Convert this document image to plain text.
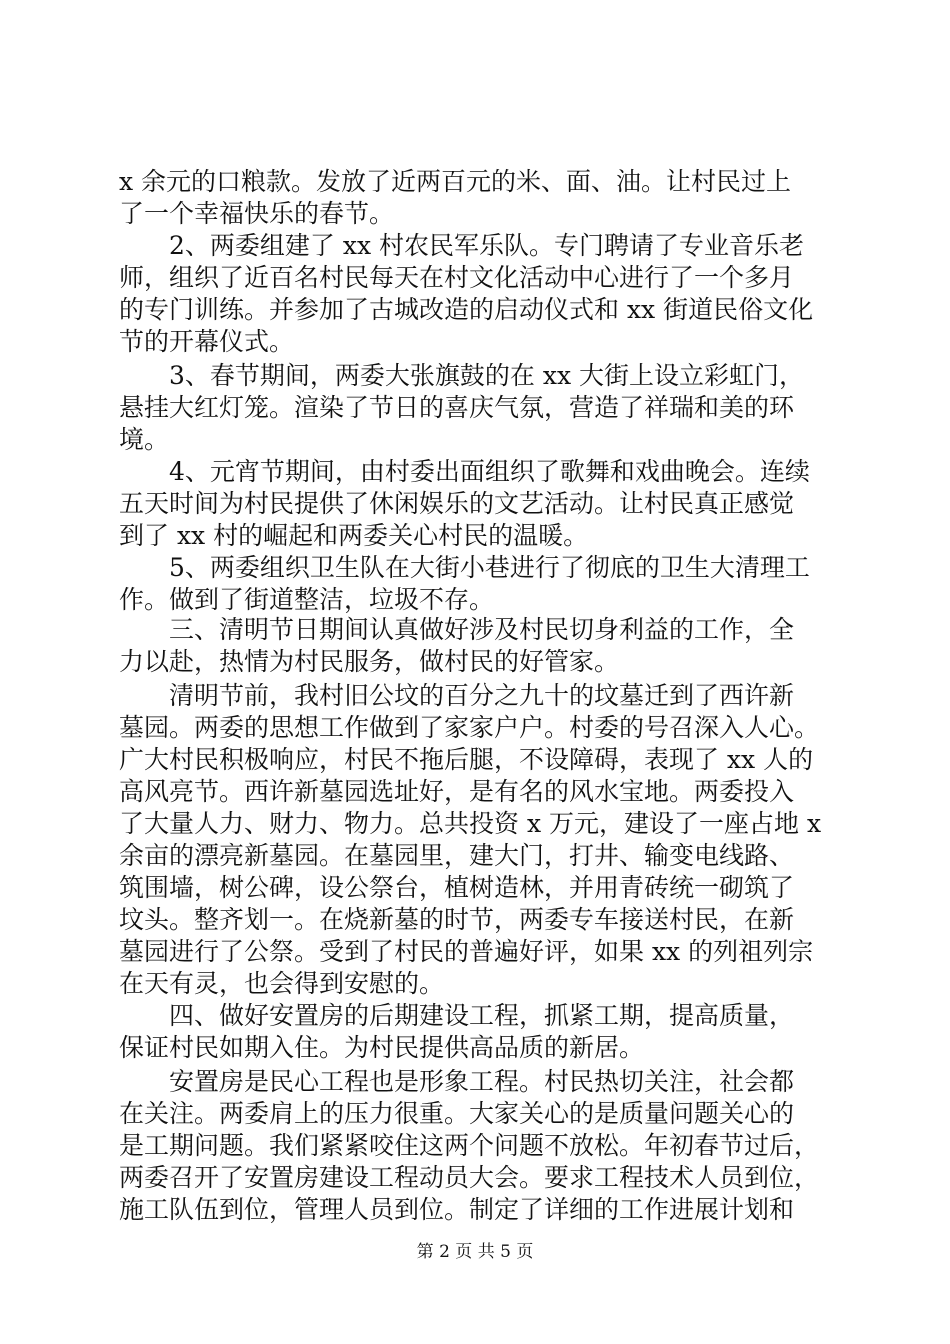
x 余元的口粮款。发放了近两百元的米、面、油。让村民过上
了一个幸福快乐的春节。
　　2、两委组建了 xx 村农民军乐队。专门聘请了专业音乐老
师，组织了近百名村民每天在村文化活动中心进行了一个多月
的专门训练。并参加了古城改造的启动仪式和 xx 街道民俗文化
节的开幕仪式。
　　3、春节期间，两委大张旗鼓的在 xx 大街上设立彩虹门，
悬挂大红灯笼。渲染了节日的喜庆气氛，营造了祥瑞和美的环
境。
　　4、元宵节期间，由村委出面组织了歌舞和戏曲晚会。连续
五天时间为村民提供了休闲娱乐的文艺活动。让村民真正感觉
到了 xx 村的崛起和两委关心村民的温暖。
　　5、两委组织卫生队在大街小巷进行了彻底的卫生大清理工
作。做到了街道整洁，垃圾不存。
　　三、清明节日期间认真做好涉及村民切身利益的工作，全
力以赴，热情为村民服务，做村民的好管家。
　　清明节前，我村旧公坟的百分之九十的坟墓迁到了西许新
墓园。两委的思想工作做到了家家户户。村委的号召深入人心。
广大村民积极响应，村民不拖后腿，不设障碍，表现了 xx 人的
高风亮节。西许新墓园选址好，是有名的风水宝地。两委投入
了大量人力、财力、物力。总共投资 x 万元，建设了一座占地 x
余亩的漂亮新墓园。在墓园里，建大门，打井、输变电线路、
筑围墙，树公碑，设公祭台，植树造林，并用青砖统一砌筑了
坟头。整齐划一。在烧新墓的时节，两委专车接送村民，在新
墓园进行了公祭。受到了村民的普遍好评，如果 xx 的列祖列宗
在天有灵，也会得到安慰的。
　　四、做好安置房的后期建设工程，抓紧工期，提高质量，
保证村民如期入住。为村民提供高品质的新居。
　　安置房是民心工程也是形象工程。村民热切关注，社会都
在关注。两委肩上的压力很重。大家关心的是质量问题关心的
是工期问题。我们紧紧咬住这两个问题不放松。年初春节过后，
两委召开了安置房建设工程动员大会。要求工程技术人员到位，
施工队伍到位，管理人员到位。制定了详细的工作进展计划和
第 2 页 共 5 页
